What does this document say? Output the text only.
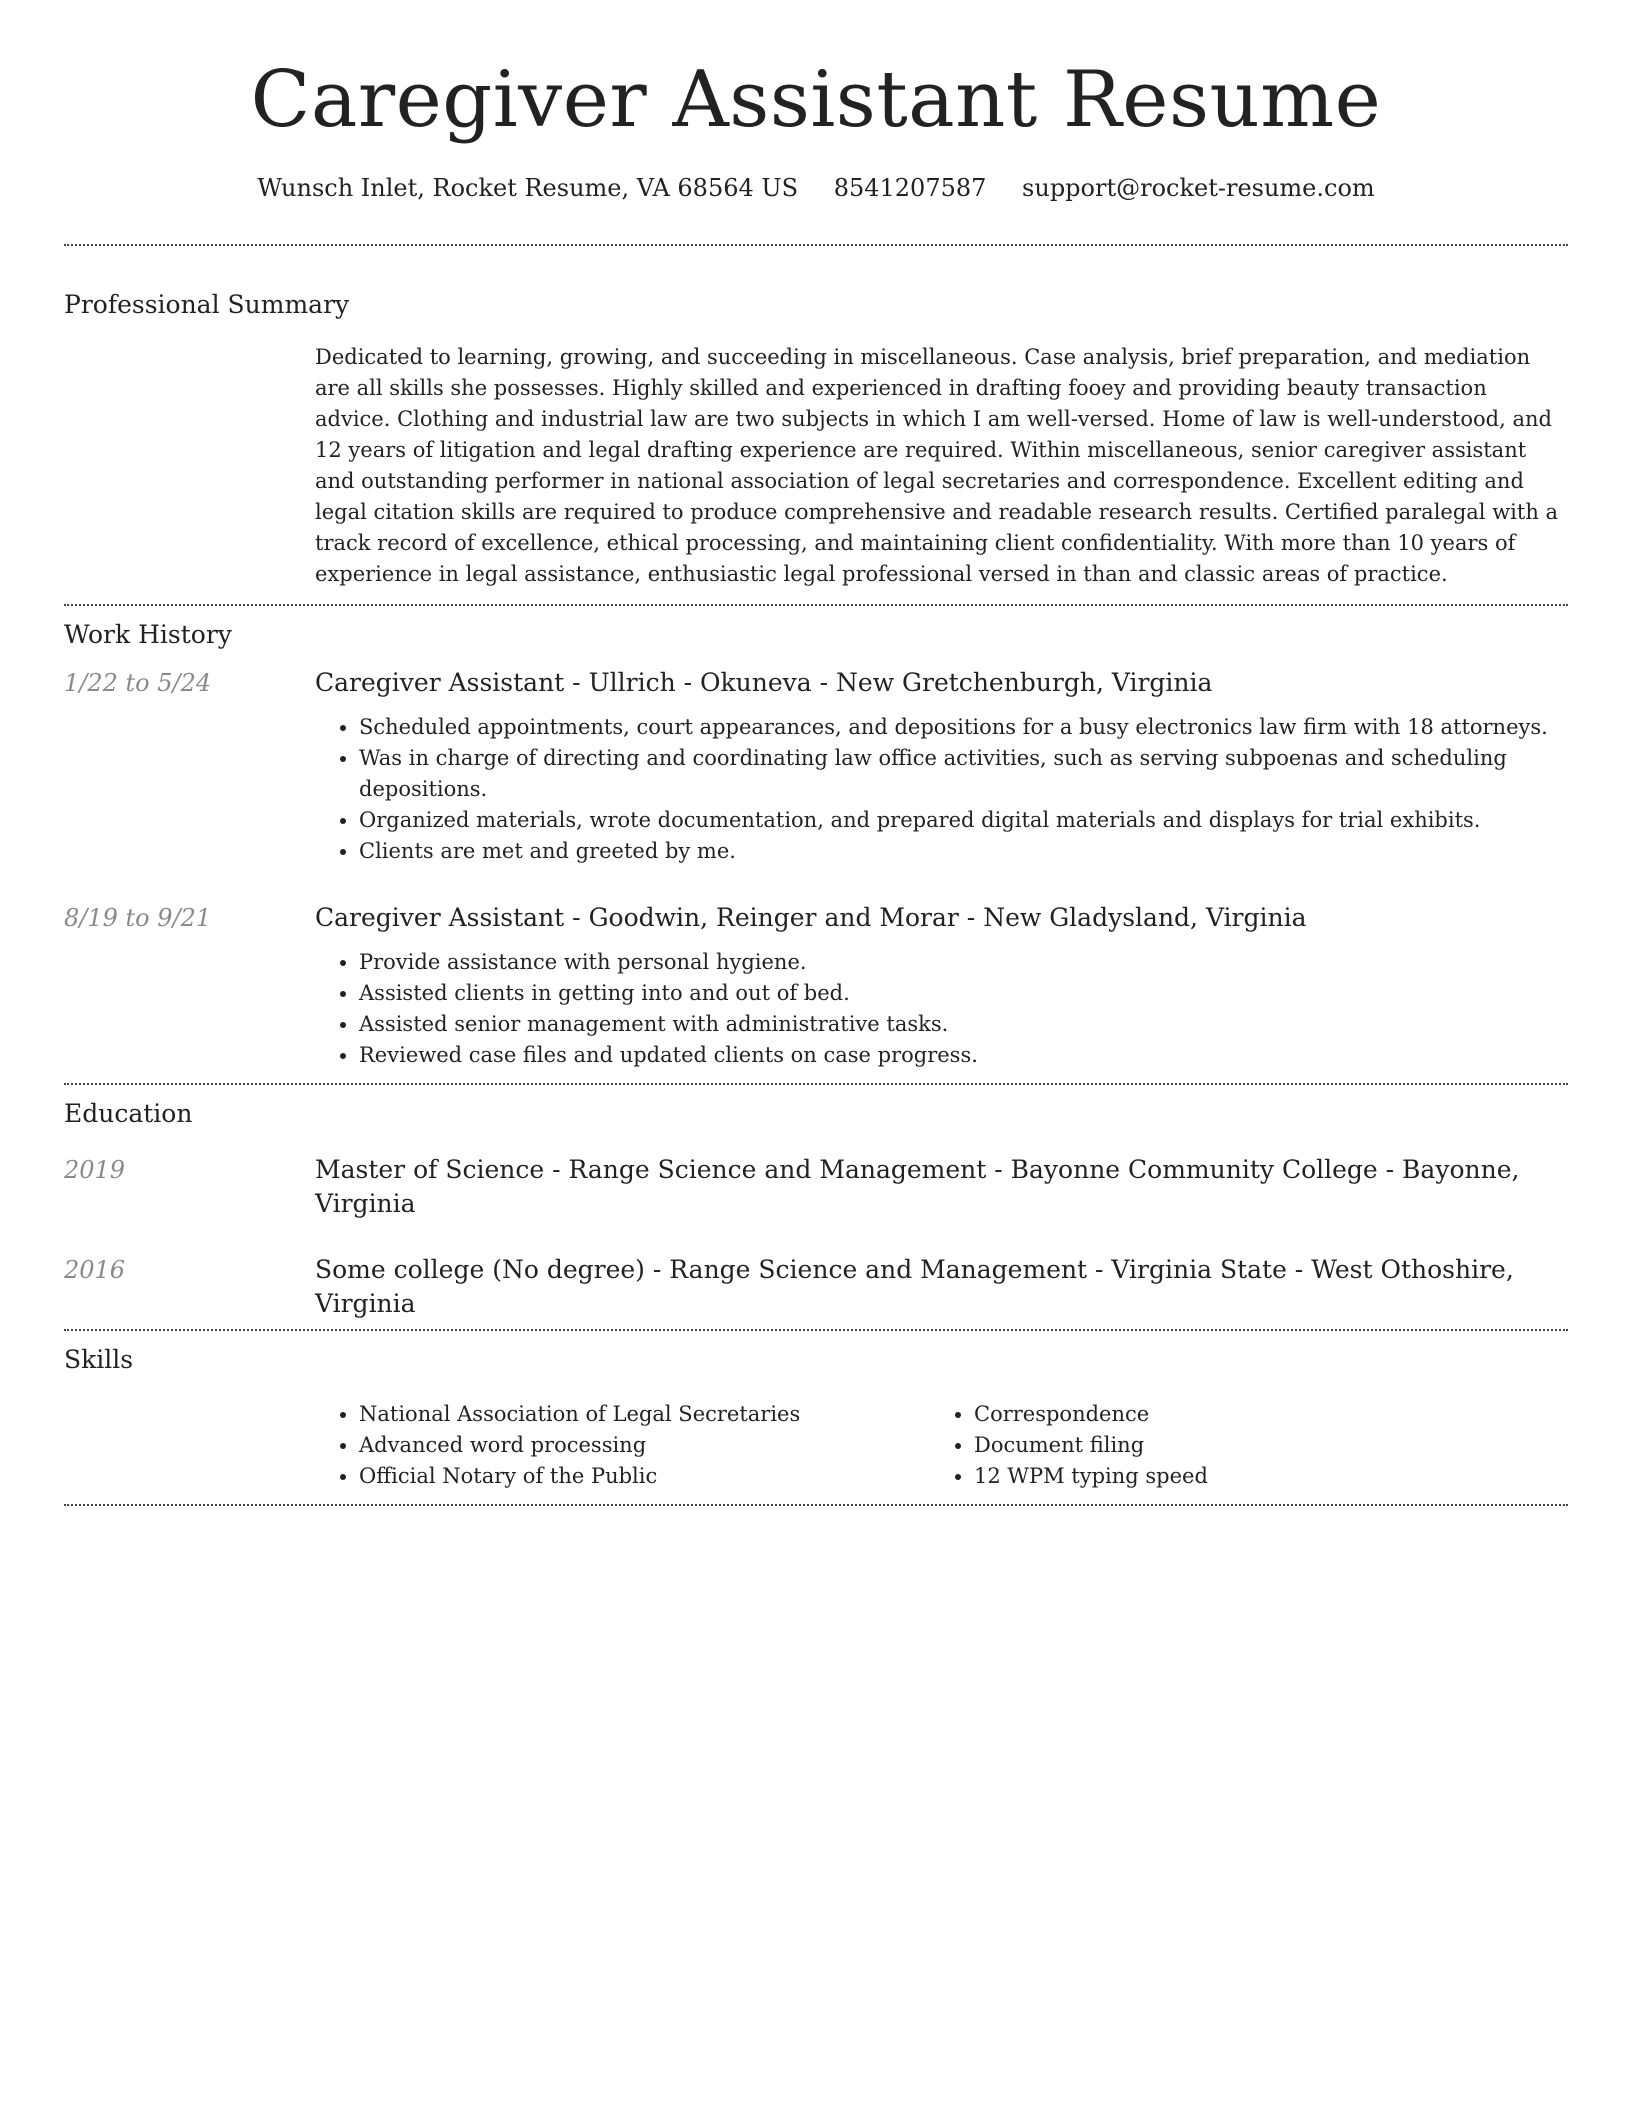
Caregiver Assistant Resume
Wunsch Inlet, Rocket Resume, VA 68564 US 8541207587 support@rocket-resume.com
Professional Summary

Dedicated to learning, growing, and succeeding in miscellaneous. Case analysis, brief preparation, and mediation are all skills she possesses. Highly skilled and experienced in drafting fooey and providing beauty transaction advice. Clothing and industrial law are two subjects in which I am well-versed. Home of law is well-understood, and 12 years of litigation and legal drafting experience are required. Within miscellaneous, senior caregiver assistant and outstanding performer in national association of legal secretaries and correspondence. Excellent editing and legal citation skills are required to produce comprehensive and readable research results. Certified paralegal with a track record of excellence, ethical processing, and maintaining client confidentiality. With more than 10 years of experience in legal assistance, enthusiastic legal professional versed in than and classic areas of practice.

Work History
1/22 to 5/24	Caregiver Assistant - Ullrich - Okuneva - New Gretchenburgh, Virginia
• Scheduled appointments, court appearances, and depositions for a busy electronics law firm with 18 attorneys.
• Was in charge of directing and coordinating law office activities, such as serving subpoenas and scheduling depositions.
• Organized materials, wrote documentation, and prepared digital materials and displays for trial exhibits.
• Clients are met and greeted by me.
8/19 to 9/21	Caregiver Assistant - Goodwin, Reinger and Morar - New Gladysland, Virginia
• Provide assistance with personal hygiene.
• Assisted clients in getting into and out of bed.
• Assisted senior management with administrative tasks.
• Reviewed case files and updated clients on case progress.
Education
2019	Master of Science - Range Science and Management - Bayonne Community College - Bayonne, Virginia
2016	Some college (No degree) - Range Science and Management - Virginia State - West Othoshire, Virginia
Skills
• National Association of Legal Secretaries
• Advanced word processing
• Official Notary of the Public
• Correspondence
• Document filing
• 12 WPM typing speed
